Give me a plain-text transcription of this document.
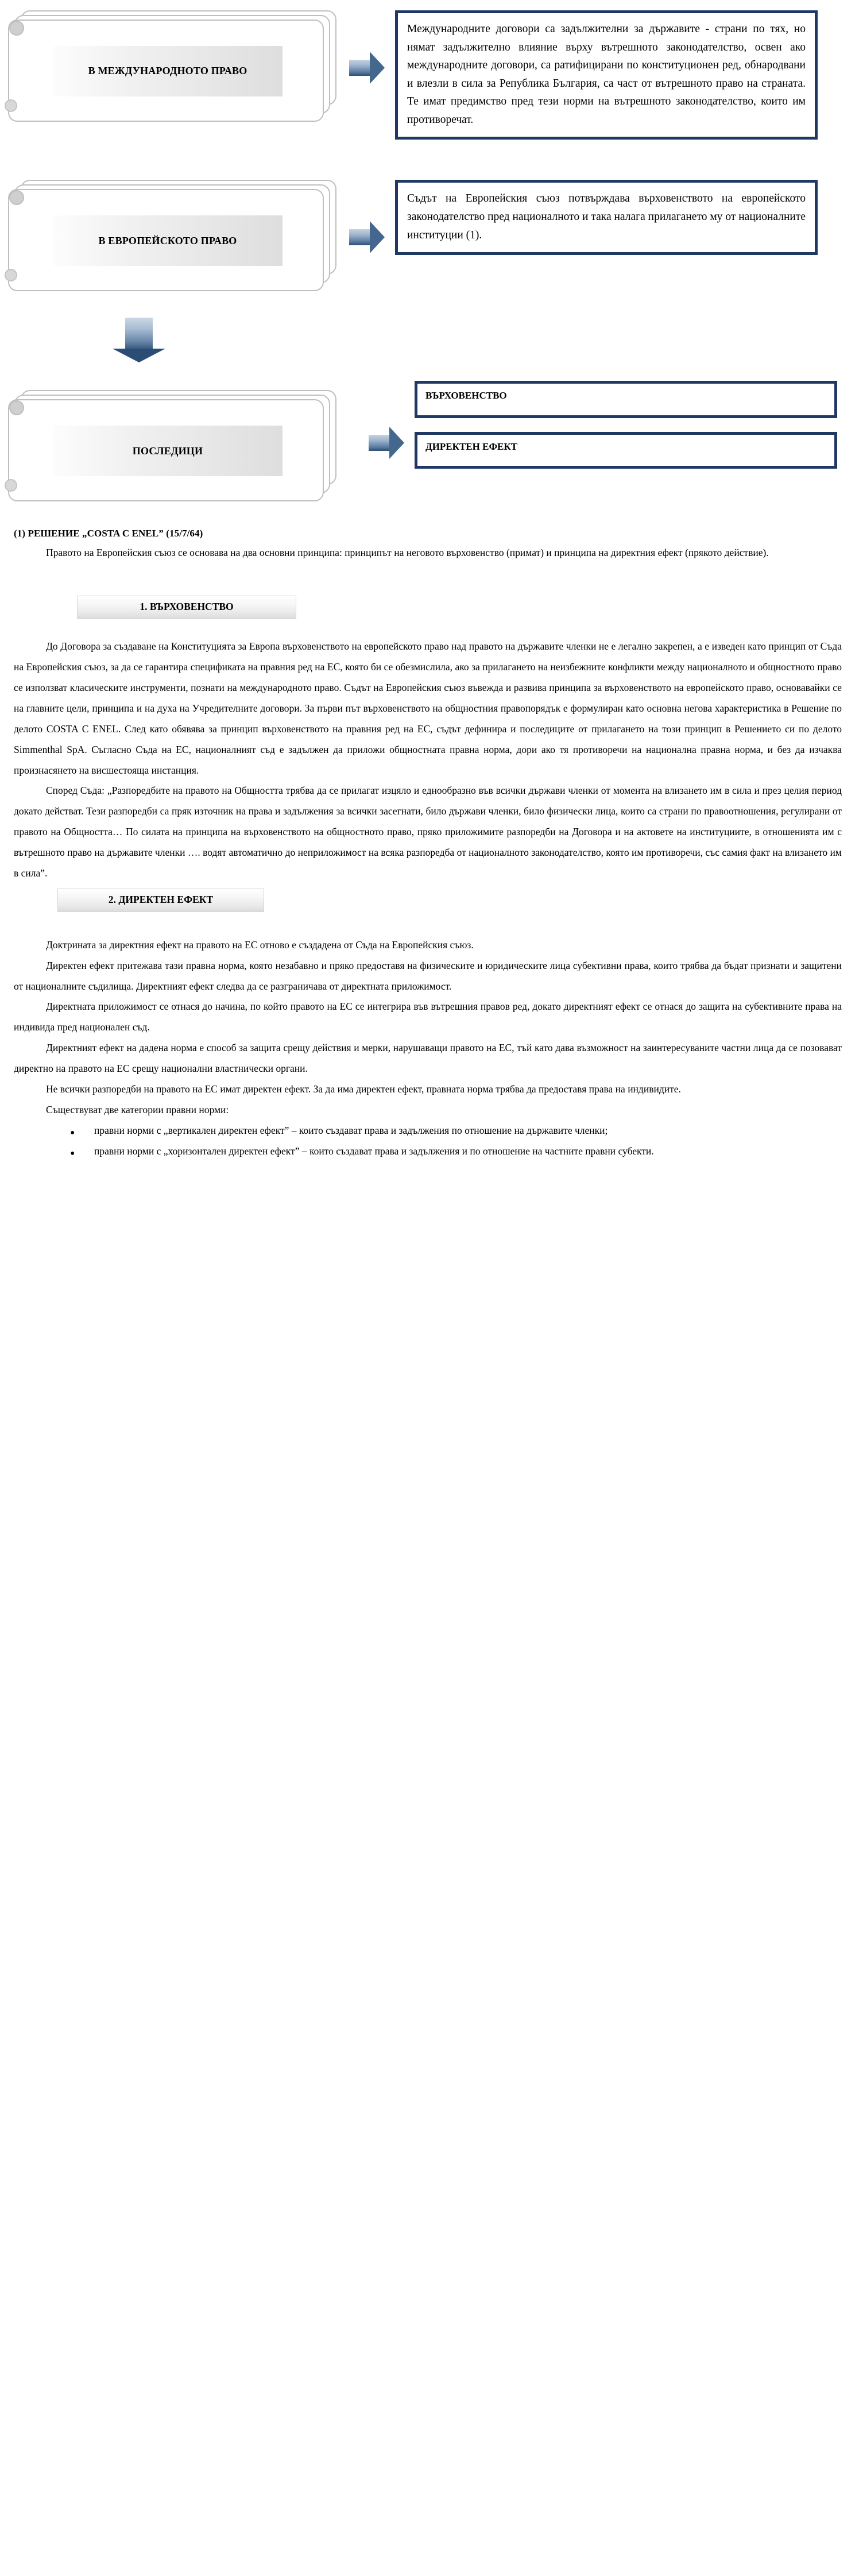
В МЕЖДУНАРОДНОТО ПРАВО
Международните договори са задължителни за държавите - страни по тях, но нямат задължително влияние върху вътрешното законодателство, освен ако международните договори, са ратифицирани по конституционен ред, обнародвани и влезли в сила за Република България, са част от вътрешното право на страната. Те имат предимство пред тези норми на вътрешното законодателство, които им противоречат.
В ЕВРОПЕЙСКОТО ПРАВО
Съдът на Европейския съюз потвърждава върховенството на европейското законодателство пред националното и така налага прилагането му от националните институции (1).
ПОСЛЕДИЦИ
ВЪРХОВЕНСТВО
ДИРЕКТЕН ЕФЕКТ
(1) РЕШЕНИЕ „COSTA C ENEL” (15/7/64)

Правото на Европейския съюз се основава на два основни принципа: принципът на неговото върховенство (примат) и принципа на директния ефект (прякото действие).

1. ВЪРХОВЕНСТВО

До Договора за създаване на Конституцията за Европа върховенството на европейското право над правото на държавите членки не е легално закрепен, а е изведен като принцип от Съда на Европейския съюз, за да се гарантира спецификата на правния ред на ЕС, която би се обезмислила, ако за прилагането на неизбежните конфликти между националното и общностното право се използват класическите инструменти, познати на международното право. Съдът на Европейския съюз въвежда и развива принципа за върховенството на европейското право, основавайки се на главните цели, принципа и на духа на Учредителните договори. За първи път върховенството на общностния правопорядък е формулиран като основна негова характеристика в Решение по делото COSTA C ENEL. След като обявява за принцип върховенството на правния ред на ЕС, съдът дефинира и последиците от прилагането на този принцип в Решението си по делото Simmenthal SpA. Съгласно Съда на ЕС, националният съд е задължен да приложи общностната правна норма, дори ако тя противоречи на национална правна норма, и без да изчаква произнасянето на висшестояща инстанция.

Според Съда: „Разпоредбите на правото на Общността трябва да се прилагат изцяло и еднообразно във всички държави членки от момента на влизането им в сила и през целия период докато действат. Тези разпоредби са пряк източник на права и задължения за всички засегнати, било държави членки, било физически лица, които са страни по правоотношения, регулирани от правото на Общността… По силата на принципа на върховенството на общностното право, пряко приложимите разпоредби на Договора и на актовете на институциите, в отношенията им с вътрешното право на държавите членки …. водят автоматично до неприложимост на всяка разпоредба от националното законодателство, която им противоречи, със самия факт на влизането им в сила”.

2. ДИРЕКТЕН ЕФЕКТ

Доктрината за директния ефект на правото на ЕС отново е създадена от Съда на Европейския съюз.

Директен ефект притежава тази правна норма, която незабавно и пряко предоставя на физическите и юридическите лица субективни права, които трябва да бъдат признати и защитени от националните съдилища. Директният ефект следва да се разграничава от директната приложимост.

Директната приложимост се отнася до начина, по който правото на ЕС се интегрира във вътрешния правов ред, докато директният ефект се отнася до защита на субективните права на индивида пред национален съд.

Директният ефект на дадена норма е способ за защита срещу действия и мерки, нарушаващи правото на ЕС, тъй като дава възможност на заинтересуваните частни лица да се позовават директно на правото на ЕС срещу национални властнически органи.

Не всички разпоредби на правото на ЕС имат директен ефект. За да има директен ефект, правната норма трябва да предоставя права на индивидите.

Съществуват две категории правни норми:

• правни норми с „вертикален директен ефект” – които създават права и задължения по отношение на държавите членки;
• правни норми с „хоризонтален директен ефект” – които създават права и задължения и по отношение на частните правни субекти.
